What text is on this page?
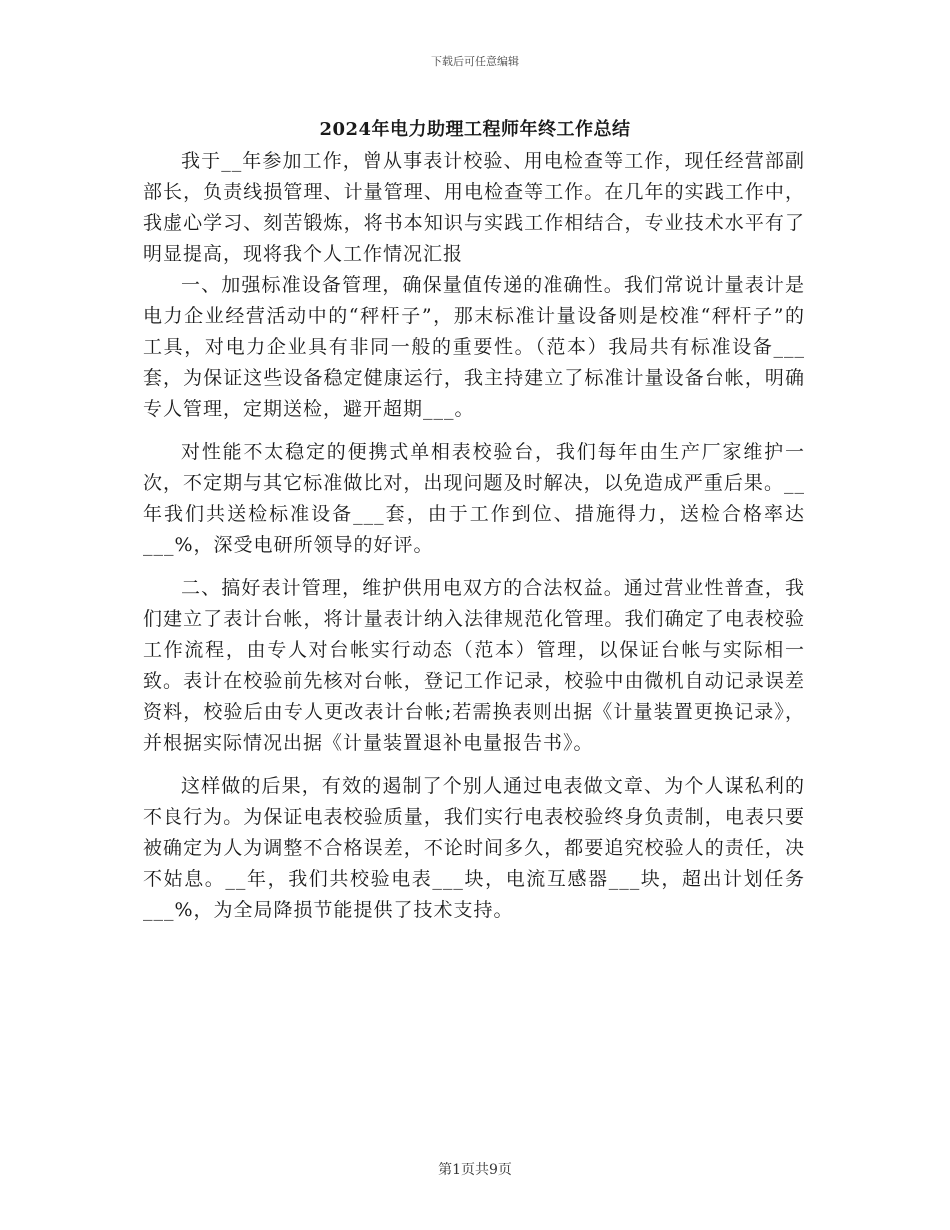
下载后可任意编辑
2024年电力助理工程师年终工作总结

我于__年参加工作，曾从事表计校验、用电检查等工作，现任经营部副部长，负责线损管理、计量管理、用电检查等工作。在几年的实践工作中，我虚心学习、刻苦锻炼，将书本知识与实践工作相结合，专业技术水平有了明显提高，现将我个人工作情况汇报

一、加强标准设备管理，确保量值传递的准确性。我们常说计量表计是电力企业经营活动中的“秤杆子”，那末标准计量设备则是校准“秤杆子”的工具，对电力企业具有非同一般的重要性。（范本）我局共有标准设备___套，为保证这些设备稳定健康运行，我主持建立了标准计量设备台帐，明确专人管理，定期送检，避开超期___。

对性能不太稳定的便携式单相表校验台，我们每年由生产厂家维护一次，不定期与其它标准做比对，出现问题及时解决，以免造成严重后果。__年我们共送检标准设备___套，由于工作到位、措施得力，送检合格率达___%，深受电研所领导的好评。

二、搞好表计管理，维护供用电双方的合法权益。通过营业性普查，我们建立了表计台帐，将计量表计纳入法律规范化管理。我们确定了电表校验工作流程，由专人对台帐实行动态（范本）管理，以保证台帐与实际相一致。表计在校验前先核对台帐，登记工作记录，校验中由微机自动记录误差资料，校验后由专人更改表计台帐;若需换表则出据《计量装置更换记录》，并根据实际情况出据《计量装置退补电量报告书》。

这样做的后果，有效的遏制了个别人通过电表做文章、为个人谋私利的不良行为。为保证电表校验质量，我们实行电表校验终身负责制，电表只要被确定为人为调整不合格误差，不论时间多久，都要追究校验人的责任，决不姑息。__年，我们共校验电表___块，电流互感器___块，超出计划任务___%，为全局降损节能提供了技术支持。

第1页共9页
